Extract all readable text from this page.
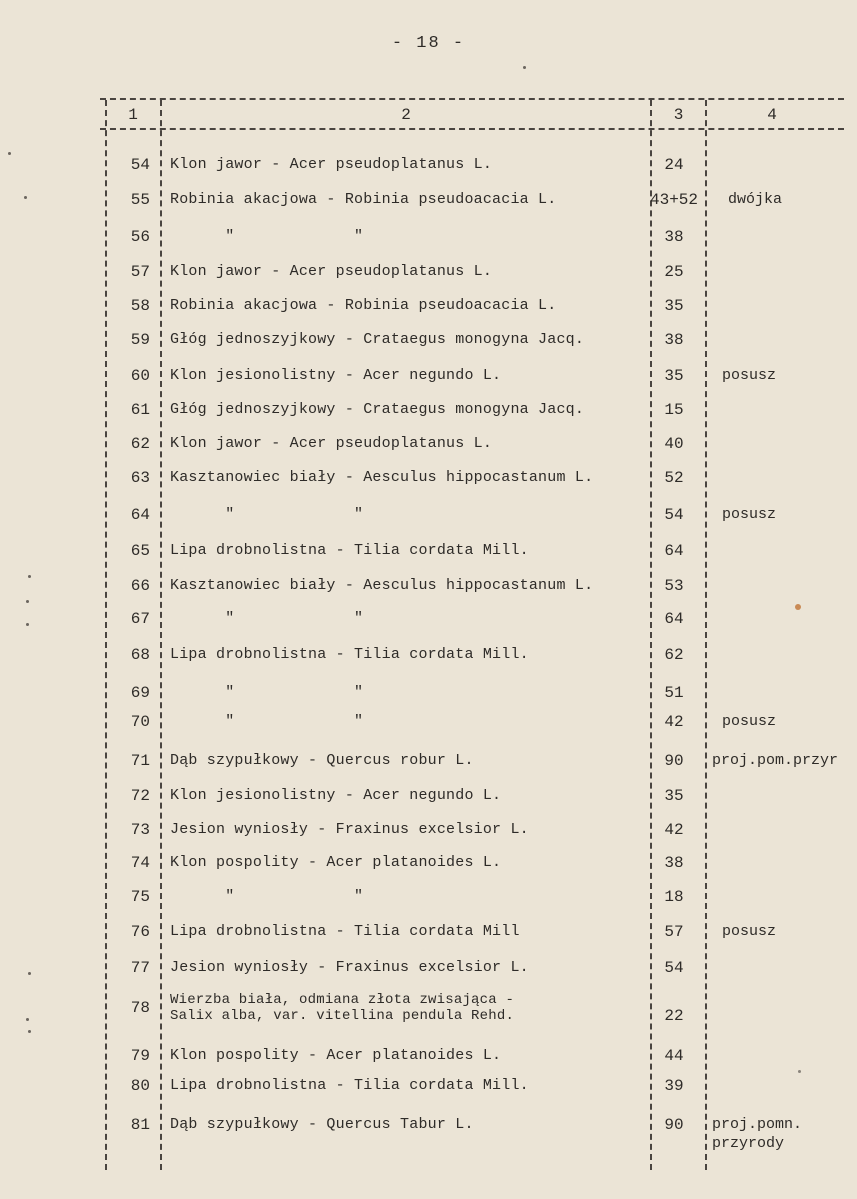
- 18 -
1	2	3	4
54 Klon jawor - Acer pseudoplatanus L.	24
55 Robinia akacjowa - Robinia pseudoacacia L.	43+52 dwójka
56 "             "	38
57 Klon jawor - Acer pseudoplatanus L.	25
58 Robinia akacjowa - Robinia pseudoacacia L.	35
59 Głóg jednoszyjkowy - Crataegus monogyna Jacq.	38
60 Klon jesionolistny - Acer negundo L.	35	posusz
61 Głóg jednoszyjkowy - Crataegus monogyna Jacq.	15
62 Klon jawor - Acer pseudoplatanus L.	40
63 Kasztanowiec biały - Aesculus hippocastanum L.	52
64 "             "	54	posusz
65 Lipa drobnolistna - Tilia cordata Mill.	64
66 Kasztanowiec biały - Aesculus hippocastanum L.	53
67 "             "	64
68 Lipa drobnolistna - Tilia cordata Mill.	62
69 "             "	51
70 "             "	42	posusz
71 Dąb szypułkowy - Quercus robur L.	90	proj.pom.przyr
72 Klon jesionolistny - Acer negundo L.	35
73 Jesion wyniosły - Fraxinus excelsior L.	42
74 Klon pospolity - Acer platanoides L.	38
75 "             "	18
76 Lipa drobnolistna - Tilia cordata Mill	57	posusz
77 Jesion wyniosły - Fraxinus excelsior L.	54
78 Wierzba biała, odmiana złota zwisająca -
Salix alba, var. vitellina pendula Rehd.	22
79 Klon pospolity - Acer platanoides L.	44
80 Lipa drobnolistna - Tilia cordata Mill.	39
81 Dąb szypułkowy - Quercus Tabur L.	90	proj.pomn.
przyrody
